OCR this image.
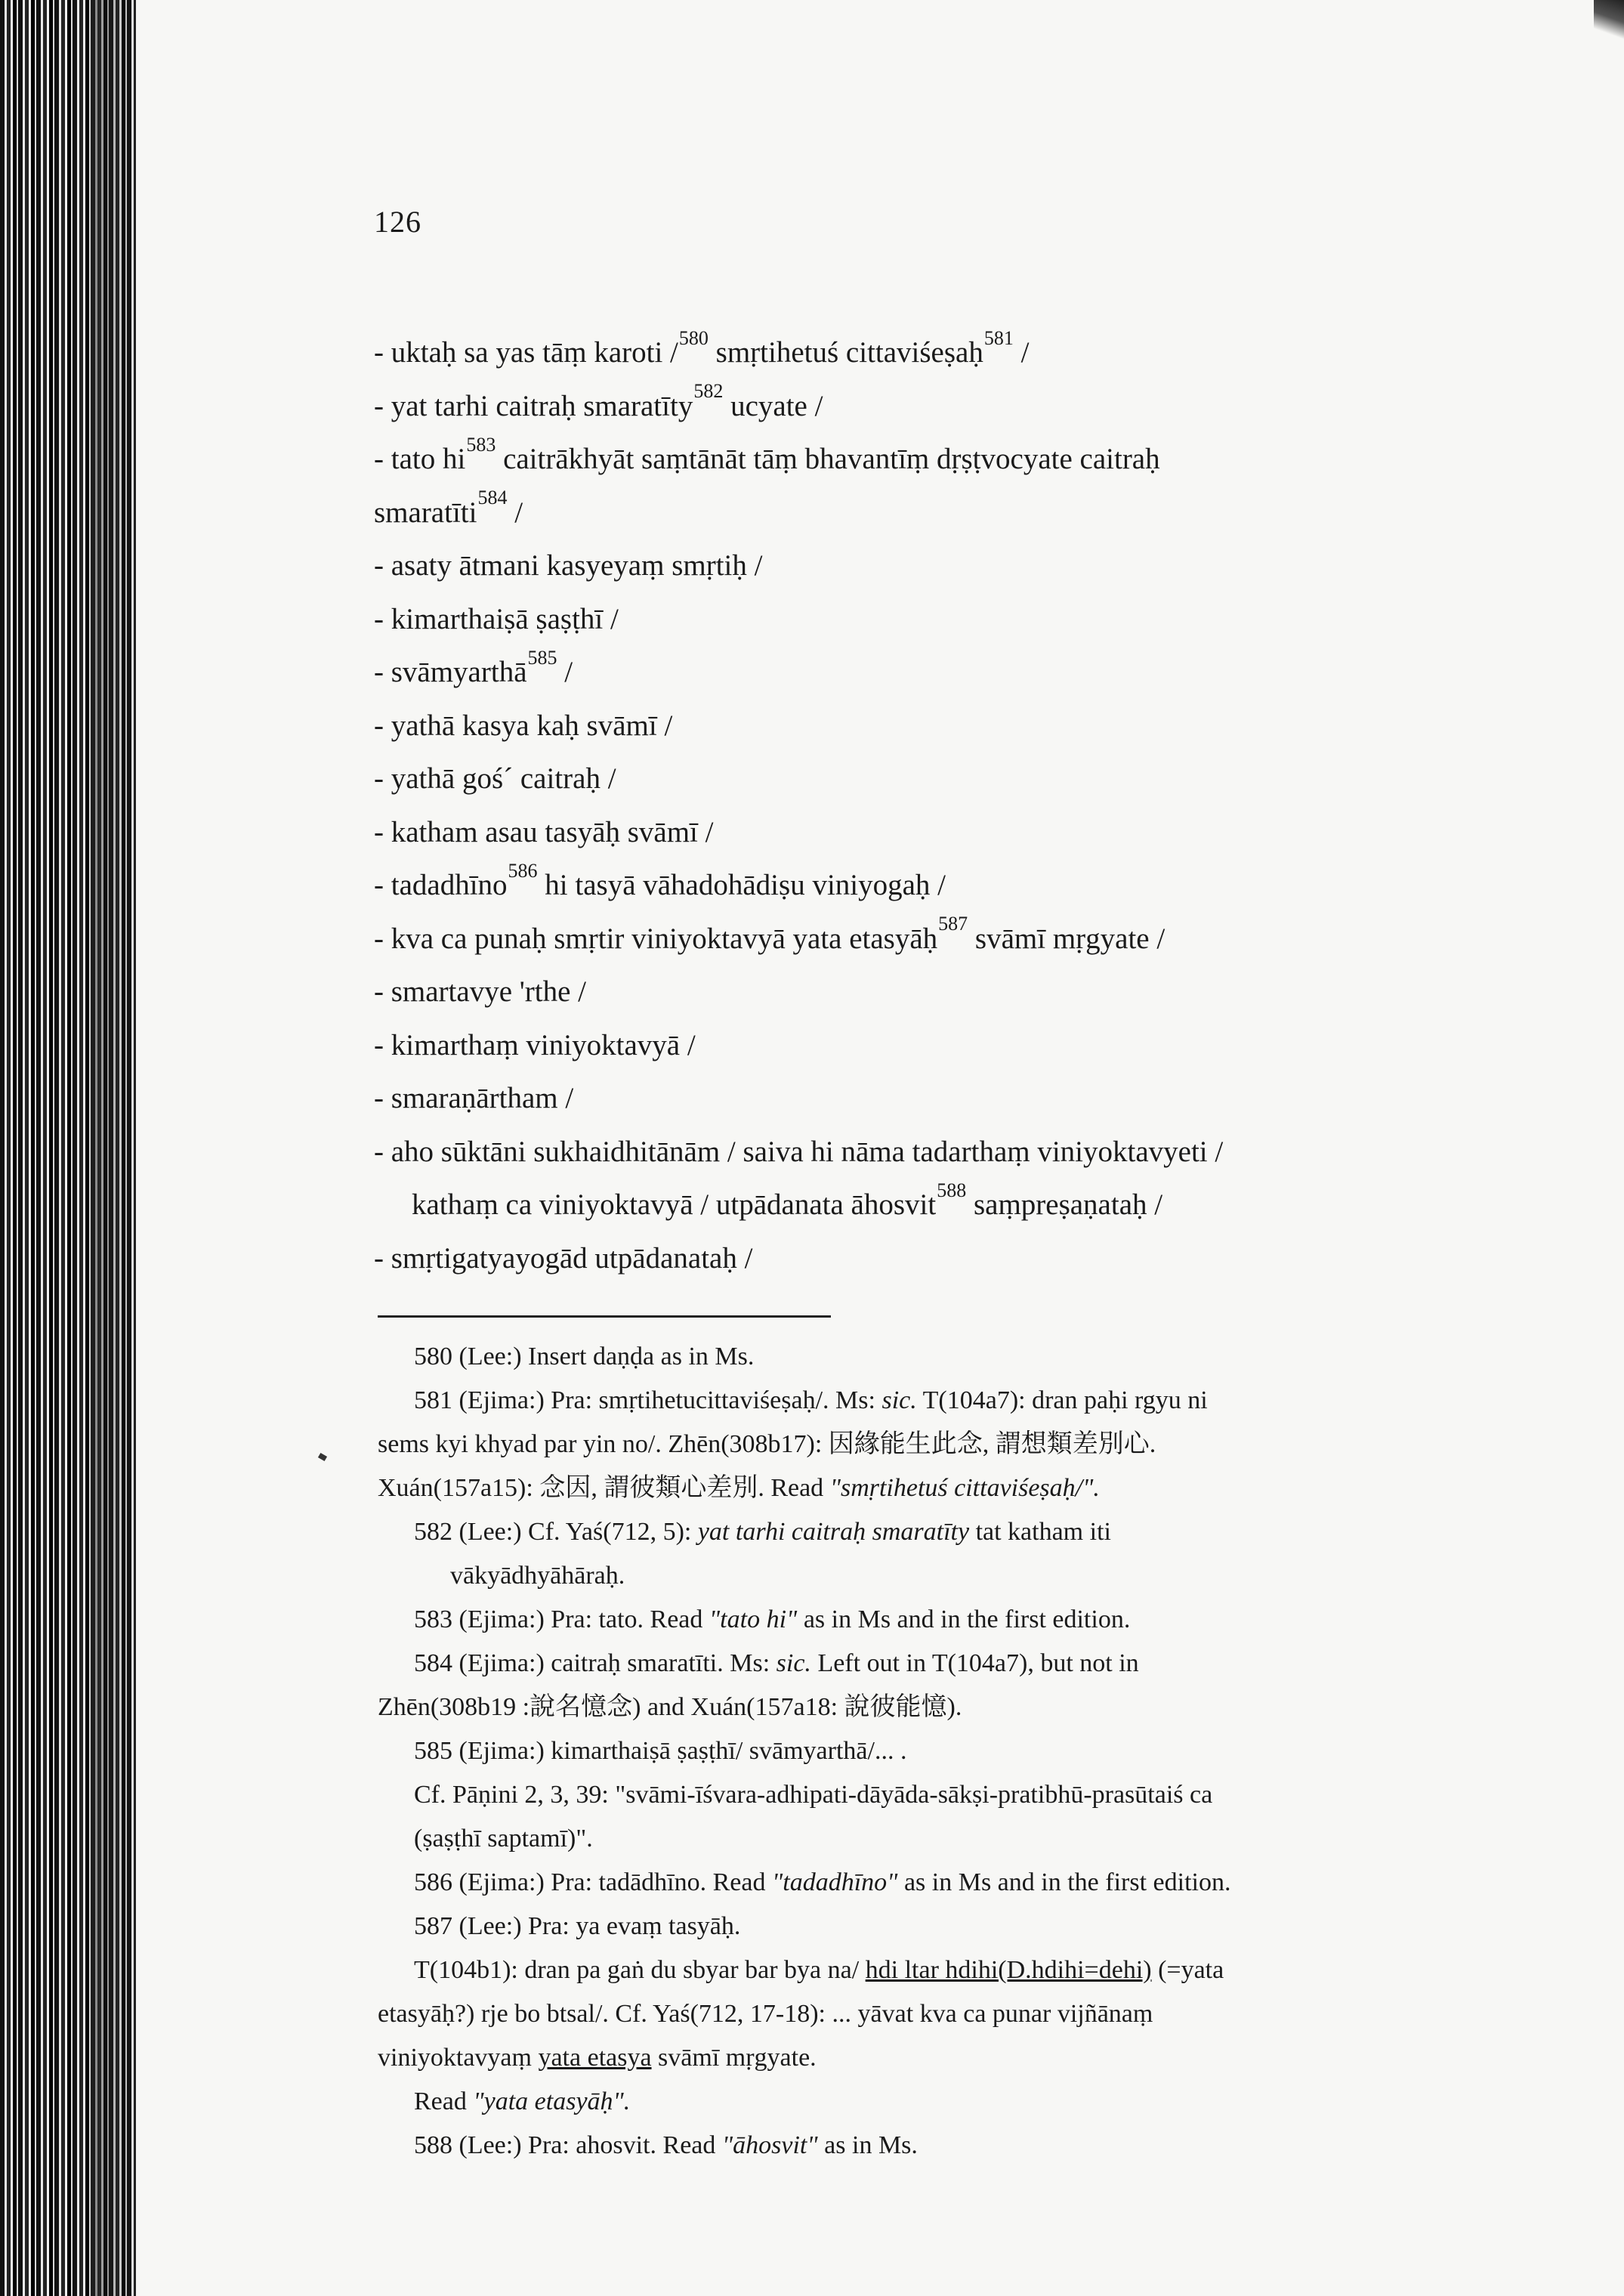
126
- uktaḥ sa yas tāṃ karoti /$^{580}$ smṛtihetuś cittaviśeṣaḥ$^{581}$ /
- yat tarhi caitraḥ smaratīty$^{582}$ ucyate /
- tato $hi^{583}$ caitrākhyāt saṃtānāt tāṃ bhavantīṃ dṛṣṭvocyate caitraḥ
smaratīti$^{584}$ /
- asaty ātmani kasyeyaṃ smṛtiḥ /
- kimarthaiṣā ṣaṣṭhī /
- svāmyarthā$^{585}$ /
- yathā kasya kaḥ svāmī /
- yathā gośˊ caitraḥ /
- katham asau tasyāḥ svāmī /
- tadadhīno$^{586}$ hi tasyā vāhadohādiṣu viniyogaḥ /
- kva ca punaḥ smṛtir viniyoktavyā yata etasyāḥ$^{587}$ svāmī mṛgyate /
- smartavye 'rthe /
- kimarthaṃ viniyoktavyā /
- smaraṇārtham /
- aho sūktāni sukhaidhitānām / saiva hi nāma tadarthaṃ viniyoktavyeti /
kathaṃ ca viniyoktavyā / utpādanata āhosvit$^{588}$ saṃpreṣaṇataḥ /
- smṛtigatyayogād utpādanataḥ /

580 (Lee:) Insert daṇḍa as in Ms.

581 (Ejima:) Pra: smṛtihetucittaviśeṣaḥ/. Ms: sic. T(104a7): dran paḥi rgyu ni

sems kyi khyad par yin no/. Zhēn(308b17): 因緣能生此念, 謂想類差別心.

Xuán(157a15): 念因, 謂彼類心差別. Read "smṛtihetuś cittaviśeṣaḥ/".

582 (Lee:) Cf. Yaś(712, 5): yat tarhi caitraḥ smaratīty tat katham iti

vākyādhyāhāraḥ.

583 (Ejima:) Pra: tato. Read "tato hi" as in Ms and in the first edition.

584 (Ejima:) caitraḥ smaratīti. Ms: sic. Left out in T(104a7), but not in

Zhēn(308b19 :說名憶念) and Xuán(157a18: 說彼能憶).

585 (Ejima:) kimarthaiṣā ṣaṣṭhī/ svāmyarthā/... .

Cf. Pāṇini 2, 3, 39: "svāmi-īśvara-adhipati-dāyāda-sākṣi-pratibhū-prasūtaiś ca

(ṣaṣṭhī saptamī)".

586 (Ejima:) Pra: tadādhīno. Read "tadadhīno" as in Ms and in the first edition.

587 (Lee:) Pra: ya evaṃ tasyāḥ.

T(104b1): dran pa gaṅ du sbyar bar bya na/ hdi ltar hdihi(D.hdihi=dehi) (=yata

etasyāḥ?) rje bo btsal/. Cf. Yaś(712, 17-18): ... yāvat kva ca punar vijñānaṃ

viniyoktavyaṃ yata etasya svāmī mṛgyate.

Read "yata etasyāḥ".

588 (Lee:) Pra: ahosvit. Read "āhosvit" as in Ms.
